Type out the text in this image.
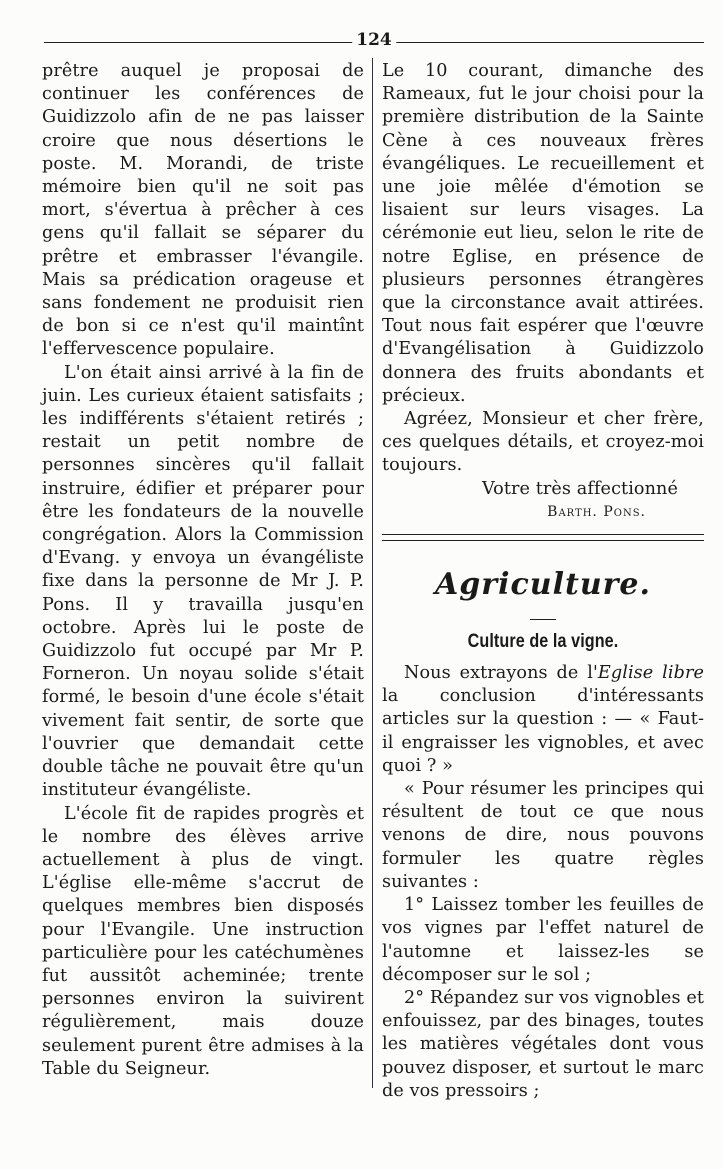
124

prêtre auquel je proposai de continuer les conférences de Guidizzolo afin de ne pas laisser croire que nous désertions le poste. M. Morandi, de triste mémoire bien qu'il ne soit pas mort, s'évertua à prêcher à ces gens qu'il fallait se séparer du prêtre et embrasser l'évangile. Mais sa prédication orageuse et sans fondement ne produisit rien de bon si ce n'est qu'il maintînt l'effervescence populaire.

L'on était ainsi arrivé à la fin de juin. Les curieux étaient satisfaits ; les indifférents s'étaient retirés ; restait un petit nombre de personnes sincères qu'il fallait instruire, édifier et préparer pour être les fondateurs de la nouvelle congrégation. Alors la Commission d'Evang. y envoya un évangéliste fixe dans la personne de Mr J. P. Pons. Il y travailla jusqu'en octobre. Après lui le poste de Guidizzolo fut occupé par Mr P. Forneron. Un noyau solide s'était formé, le besoin d'une école s'était vivement fait sentir, de sorte que l'ouvrier que demandait cette double tâche ne pouvait être qu'un instituteur évangéliste.

L'école fit de rapides progrès et le nombre des élèves arrive actuellement à plus de vingt. L'église elle-même s'accrut de quelques membres bien disposés pour l'Evangile. Une instruction particulière pour les catéchumènes fut aussitôt acheminée; trente personnes environ la suivirent régulièrement, mais douze seulement purent être admises à la Table du Seigneur.

Le 10 courant, dimanche des Rameaux, fut le jour choisi pour la première distribution de la Sainte Cène à ces nouveaux frères évangéliques. Le recueillement et une joie mêlée d'émotion se lisaient sur leurs visages. La cérémonie eut lieu, selon le rite de notre Eglise, en présence de plusieurs personnes étrangères que la circonstance avait attirées. Tout nous fait espérer que l'œuvre d'Evangélisation à Guidizzolo donnera des fruits abondants et précieux.

Agréez, Monsieur et cher frère, ces quelques détails, et croyez-moi toujours.

Votre très affectionné

Barth. Pons.

Agriculture.
Culture de la vigne.

Nous extrayons de l'Eglise libre la conclusion d'intéressants articles sur la question : — « Faut-il engraisser les vignobles, et avec quoi ? »

« Pour résumer les principes qui résultent de tout ce que nous venons de dire, nous pouvons formuler les quatre règles suivantes :

1° Laissez tomber les feuilles de vos vignes par l'effet naturel de l'automne et laissez-les se décomposer sur le sol ;

2° Répandez sur vos vignobles et enfouissez, par des binages, toutes les matières végétales dont vous pouvez disposer, et surtout le marc de vos pressoirs ;
